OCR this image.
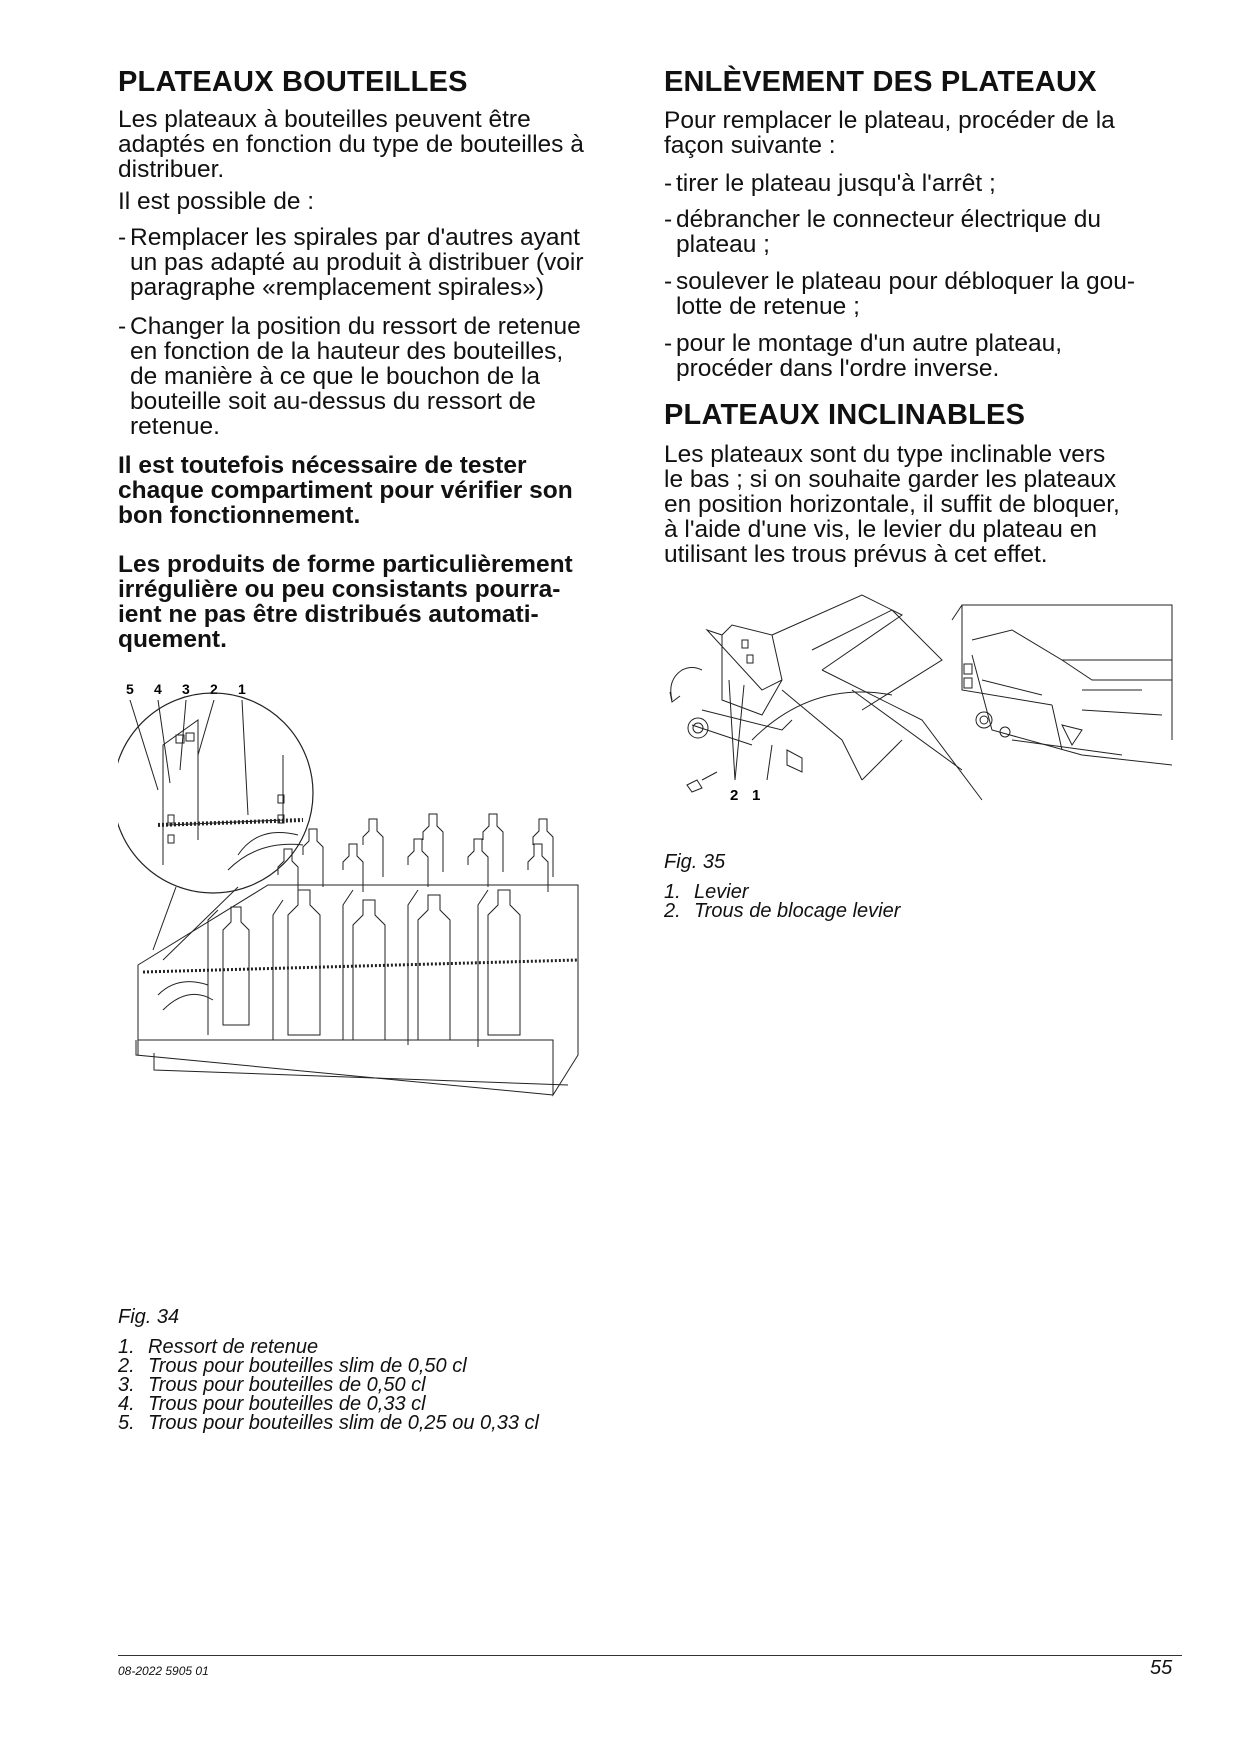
PLATEAUX BOUTEILLES

Les plateaux à bouteilles peuvent être

adaptés en fonction du type de bouteilles à

distribuer.

Il est possible de :

- Remplacer les spirales par d'autres ayant
un pas adapté au produit à distribuer (voir
paragraphe «remplacement spirales»)
- Changer la position du ressort de retenue
en fonction de la hauteur des bouteilles,
de manière à ce que le bouchon de la
bouteille soit au-dessus du ressort de
retenue.

Il est toutefois nécessaire de tester

chaque compartiment pour vérifier son

bon fonctionnement.

Les produits de forme particulièrement

irrégulière ou peu consistants pourra-

ient ne pas être distribués automati-

quement.

5 4 3 2 1
Fig. 34
1. Ressort de retenue
2. Trous pour bouteilles slim de 0,50 cl
3. Trous pour bouteilles de 0,50 cl
4. Trous pour bouteilles de 0,33 cl
5. Trous pour bouteilles slim de 0,25 ou 0,33 cl
ENLÈVEMENT DES PLATEAUX

Pour remplacer le plateau, procéder de la

façon suivante :

- tirer le plateau jusqu'à l'arrêt ;
- débrancher le connecteur électrique du
plateau ;
- soulever le plateau pour débloquer la gou-
lotte de retenue ;
- pour le montage d'un autre plateau,
procéder dans l'ordre inverse.
PLATEAUX INCLINABLES

Les plateaux sont du type inclinable vers

le bas ; si on souhaite garder les plateaux

en position horizontale, il suffit de bloquer,

à l'aide d'une vis, le levier du plateau en

utilisant les trous prévus à cet effet.

2 1
Fig. 35
1. Levier
2. Trous de blocage levier
08-2022 5905 01	55
